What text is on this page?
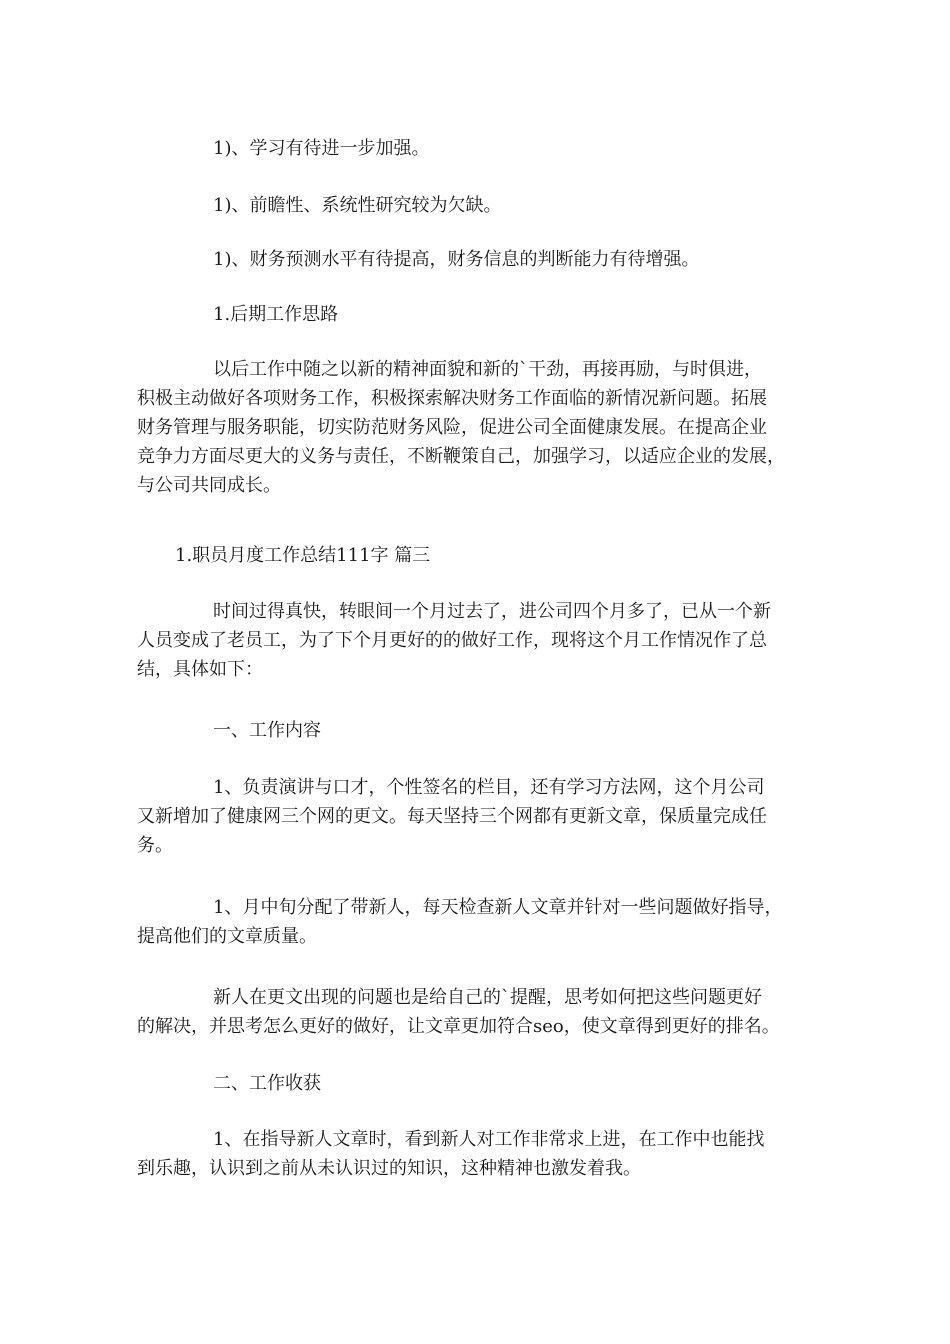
1)、学习有待进一步加强。

1)、前瞻性、系统性研究较为欠缺。

1)、财务预测水平有待提高，财务信息的判断能力有待增强。

1.后期工作思路

以后工作中随之以新的精神面貌和新的`干劲，再接再励，与时俱进，
积极主动做好各项财务工作，积极探索解决财务工作面临的新情况新问题。拓展
财务管理与服务职能，切实防范财务风险，促进公司全面健康发展。在提高企业
竞争力方面尽更大的义务与责任，不断鞭策自己，加强学习，以适应企业的发展，
与公司共同成长。

1.职员月度工作总结111字 篇三

时间过得真快，转眼间一个月过去了，进公司四个月多了，已从一个新
人员变成了老员工，为了下个月更好的的做好工作，现将这个月工作情况作了总
结，具体如下：

一、工作内容

1、负责演讲与口才，个性签名的栏目，还有学习方法网，这个月公司
又新增加了健康网三个网的更文。每天坚持三个网都有更新文章，保质量完成任
务。
1、月中旬分配了带新人，每天检查新人文章并针对一些问题做好指导，
提高他们的文章质量。
新人在更文出现的问题也是给自己的`提醒，思考如何把这些问题更好
的解决，并思考怎么更好的做好，让文章更加符合seo，使文章得到更好的排名。

二、工作收获

1、在指导新人文章时，看到新人对工作非常求上进，在工作中也能找
到乐趣，认识到之前从未认识过的知识，这种精神也激发着我。
